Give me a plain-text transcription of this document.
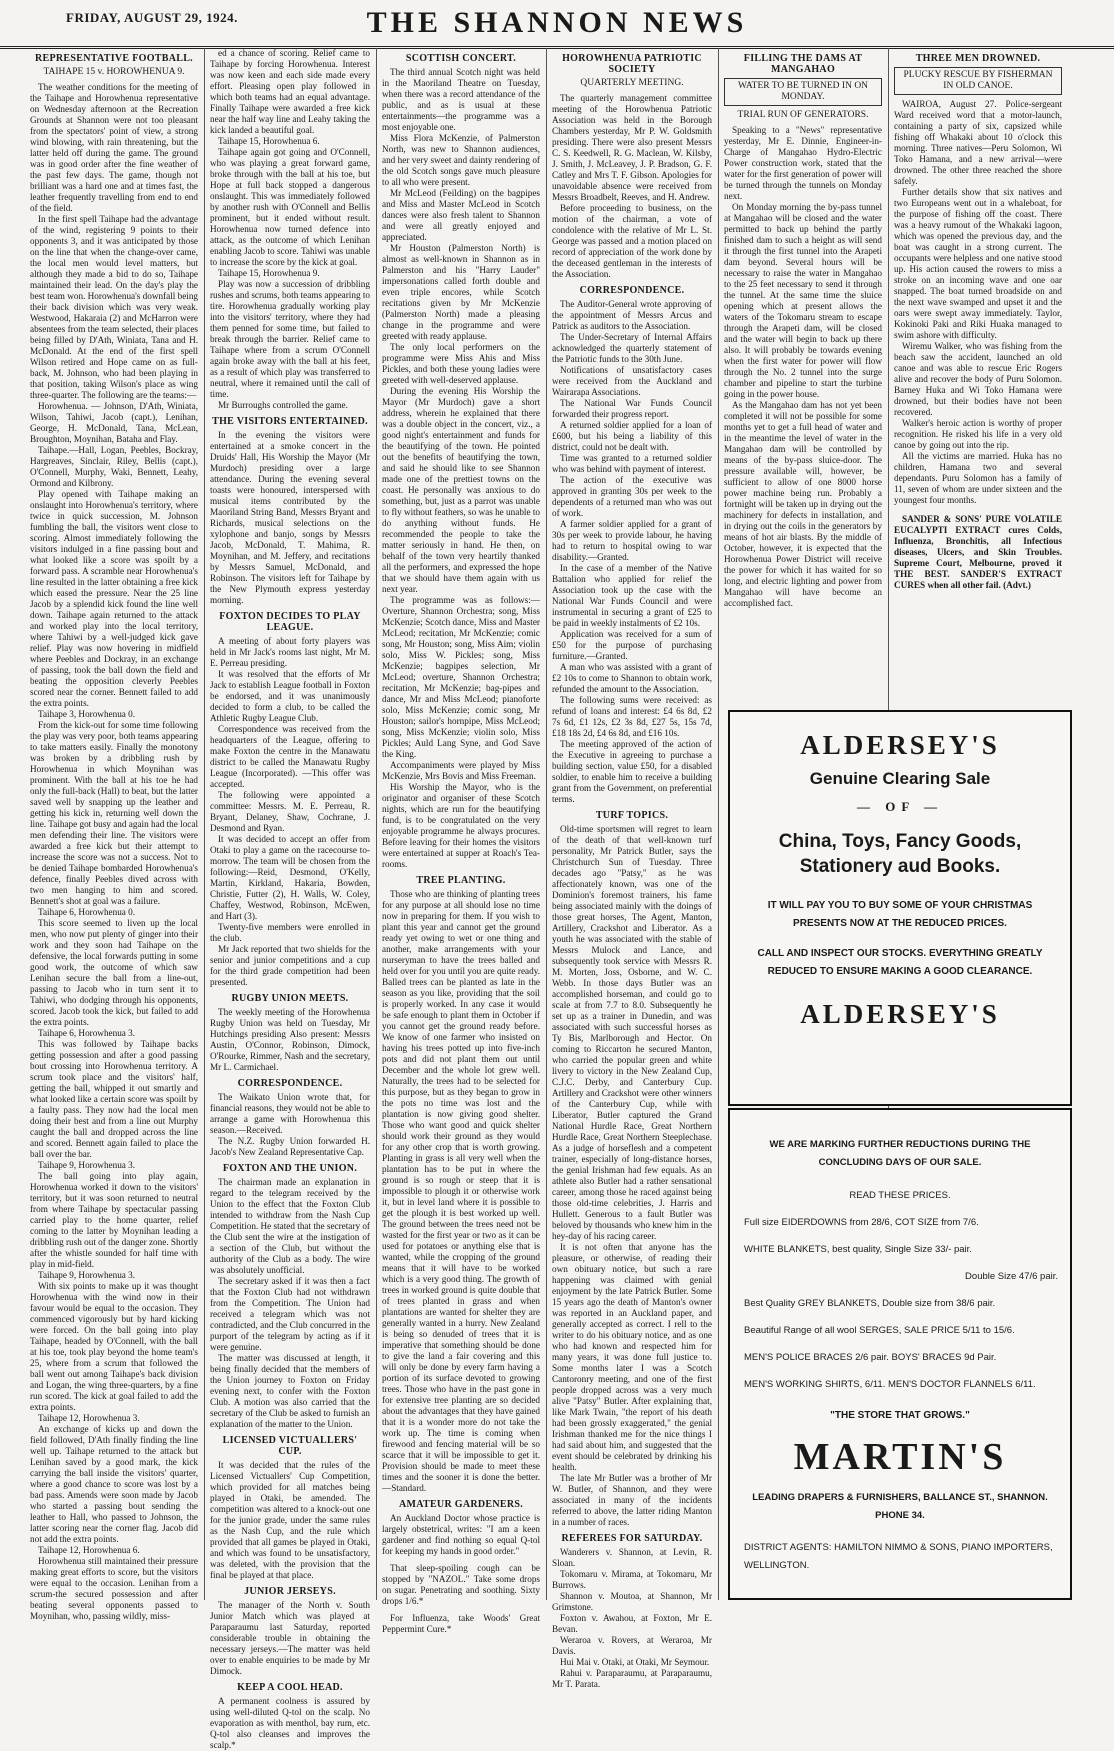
FRIDAY, AUGUST 29, 1924.	THE SHANNON NEWS
REPRESENTATIVE FOOTBALL.
TAIHAPE 15 v. HOROWHENUA 9.

The weather conditions for the meeting of the Taihape and Horowhenua representative on Wednesday afternoon at the Recreation Grounds at Shannon were not too pleasant from the spectators' point of view, a strong wind blowing, with rain threatening, but the latter held off during the game. The ground was in good order after the fine weather of the past few days. The game, though not brilliant was a hard one and at times fast, the leather frequently travelling from end to end of the field.

In the first spell Taihape had the advantage of the wind, registering 9 points to their opponents 3, and it was anticipated by those on the line that when the change-over came, the local men would level matters, but although they made a bid to do so, Taihape maintained their lead. On the day's play the best team won. Horowhenua's downfall being their back division which was very weak. Westwood, Hakaraia (2) and McHarron were absentees from the team selected, their places being filled by D'Ath, Winiata, Tana and H. McDonald. At the end of the first spell Wilson retired and Hope came on as full-back, M. Johnson, who had been playing in that position, taking Wilson's place as wing three-quarter. The following are the teams:—

Horowhenua. — Johnson, D'Ath, Winiata, Wilson, Tahiwi, Jacob (capt.), Lenihan, George, H. McDonald, Tana, McLean, Broughton, Moynihan, Bataha and Flay.

Taihape.—Hall, Logan, Peebles, Bockray, Hargreaves, Sinclair, Riley, Bellis (capt.), O'Connell, Murphy, Waki, Bennett, Leahy, Ormond and Kilbrony.

Play opened with Taihape making an onslaught into Horowhenua's territory, where twice in quick succession, M. Johnson fumbling the ball, the visitors went close to scoring. Almost immediately following the visitors indulged in a fine passing bout and what looked like a score was spoilt by a forward pass. A scramble near Horowhenua's line resulted in the latter obtaining a free kick which eased the pressure. Near the 25 line Jacob by a splendid kick found the line well down. Taihape again returned to the attack and worked play into the local territory, where Tahiwi by a well-judged kick gave relief. Play was now hovering in midfield where Peebles and Dockray, in an exchange of passing, took the ball down the field and beating the opposition cleverly Peebles scored near the corner. Bennett failed to add the extra points.

Taihape 3, Horowhenua 0.

From the kick-out for some time following the play was very poor, both teams appearing to take matters easily. Finally the monotony was broken by a dribbling rush by Horowhenua in which Moynihan was prominent. With the ball at his toe he had only the full-back (Hall) to beat, but the latter saved well by snapping up the leather and getting his kick in, returning well down the line. Taihape got busy and again had the local men defending their line. The visitors were awarded a free kick but their attempt to increase the score was not a success. Not to be denied Taihape bombarded Horowhenua's defence, finally Peebles dived across with two men hanging to him and scored. Bennett's shot at goal was a failure.

Taihape 6, Horowhenua 0.

This score seemed to liven up the local men, who now put plenty of ginger into their work and they soon had Taihape on the defensive, the local forwards putting in some good work, the outcome of which saw Lenihan secure the ball from a line-out, passing to Jacob who in turn sent it to Tahiwi, who dodging through his opponents, scored. Jacob took the kick, but failed to add the extra points.

Taihape 6, Horowhenua 3.

This was followed by Taihape backs getting possession and after a good passing bout crossing into Horowhenua territory. A scrum took place and the visitors' half, getting the ball, whipped it out smartly and what looked like a certain score was spoilt by a faulty pass. They now had the local men doing their best and from a line out Murphy caught the ball and dropped across the line and scored. Bennett again failed to place the ball over the bar.

Taihape 9, Horowhenua 3.

The ball going into play again, Horowhenua worked it down to the visitors' territory, but it was soon returned to neutral from where Taihape by spectacular passing carried play to the home quarter, relief coming to the latter by Moynihan leading a dribbling rush out of the danger zone. Shortly after the whistle sounded for half time with play in mid-field.

Taihape 9, Horowhenua 3.

With six points to make up it was thought Horowhenua with the wind now in their favour would be equal to the occasion. They commenced vigorously but by hard kicking were forced. On the ball going into play Taihape, headed by O'Connell, with the ball at his toe, took play beyond the home team's 25, where from a scrum that followed the ball went out among Taihape's back division and Logan, the wing three-quarters, by a fine run scored. The kick at goal failed to add the extra points.

Taihape 12, Horowhenua 3.

An exchange of kicks up and down the field followed, D'Ath finally finding the line well up. Taihape returned to the attack but Lenihan saved by a good mark, the kick carrying the ball inside the visitors' quarter, where a good chance to score was lost by a bad pass. Amends were soon made by Jacob who started a passing bout sending the leather to Hall, who passed to Johnson, the latter scoring near the corner flag. Jacob did not add the extra points.

Taihape 12, Horowhenua 6.

Horowhenua still maintained their pressure making great efforts to score, but the visitors were equal to the occasion. Lenihan from a scrum-the secured possession and after beating several opponents passed to Moynihan, who, passing wildly, miss-

ed a chance of scoring. Relief came to Taihape by forcing Horowhenua. Interest was now keen and each side made every effort. Pleasing open play followed in which both teams had an equal advantage. Finally Taihape were awarded a free kick near the half way line and Leahy taking the kick landed a beautiful goal.

Taihape 15, Horowhenua 6.

Taihape again got going and O'Connell, who was playing a great forward game, broke through with the ball at his toe, but Hope at full back stopped a dangerous onslaught. This was immediately followed by another rush with O'Connell and Bellis prominent, but it ended without result. Horowhenua now turned defence into attack, as the outcome of which Lenihan enabling Jacob to score. Tahiwi was unable to increase the score by the kick at goal.

Taihape 15, Horowhenua 9.

Play was now a succession of dribbling rushes and scrums, both teams appearing to tire. Horowhenua gradually working play into the visitors' territory, where they had them penned for some time, but failed to break through the barrier. Relief came to Taihape where from a scrum O'Connell again broke away with the ball at his feet, as a result of which play was transferred to neutral, where it remained until the call of time.

Mr Burroughs controlled the game.

THE VISITORS ENTERTAINED.

In the evening the visitors were entertained at a smoke concert in the Druids' Hall, His Worship the Mayor (Mr Murdoch) presiding over a large attendance. During the evening several toasts were honoured, interspersed with musical items contributed by the Maoriland String Band, Messrs Bryant and Richards, musical selections on the xylophone and banjo, songs by Messrs Jacob, McDonald, T. Mahima, R. Moynihan, and M. Jeffery, and recitations by Messrs Samuel, McDonald, and Robinson. The visitors left for Taihape by the New Plymouth express yesterday morning.

FOXTON DECIDES TO PLAY LEAGUE.

A meeting of about forty players was held in Mr Jack's rooms last night, Mr M. E. Perreau presiding.

It was resolved that the efforts of Mr Jack to establish League football in Foxton be endorsed, and it was unanimously decided to form a club, to be called the Athletic Rugby League Club.

Correspondence was received from the headquarters of the League, offering to make Foxton the centre in the Manawatu district to be called the Manawatu Rugby League (Incorporated). —This offer was accepted.

The following were appointed a committee: Messrs. M. E. Perreau, R. Bryant, Delaney, Shaw, Cochrane, J. Desmond and Ryan.

It was decided to accept an offer from Otaki to play a game on the racecourse to-morrow. The team will be chosen from the following:—Reid, Desmond, O'Kelly, Martin, Kirkland, Hakaria, Bowden, Christie, Futter (2), H. Walls, W. Coley, Chaffey, Westwod, Robinson, McEwen, and Hart (3).

Twenty-five members were enrolled in the club.

Mr Jack reported that two shields for the senior and junior competitions and a cup for the third grade competition had been presented.

RUGBY UNION MEETS.

The weekly meeting of the Horowhenua Rugby Union was held on Tuesday, Mr Hutchings presiding Also present: Messrs Austin, O'Connor, Robinson, Dimock, O'Rourke, Rimmer, Nash and the secretary, Mr L. Carmichael.

CORRESPONDENCE.

The Waikato Union wrote that, for financial reasons, they would not be able to arrange a game with Horowhenua this season.—Received.

The N.Z. Rugby Union forwarded H. Jacob's New Zealand Representative Cap.

FOXTON AND THE UNION.

The chairman made an explanation in regard to the telegram received by the Union to the effect that the Foxton Club intended to withdraw from the Nash Cup Competition. He stated that the secretary of the Club sent the wire at the instigation of a section of the Club, but without the authority of the Club as a body. The wire was absolutely unofficial.

The secretary asked if it was then a fact that the Foxton Club had not withdrawn from the Competition. The Union had received a telegram which was not contradicted, and the Club concurred in the purport of the telegram by acting as if it were genuine.

The matter was discussed at length, it being finally decided that the members of the Union journey to Foxton on Friday evening next, to confer with the Foxton Club. A motion was also carried that the secretary of the Club be asked to furnish an explanation of the matter to the Union.

LICENSED VICTUALLERS' CUP.

It was decided that the rules of the Licensed Victuallers' Cup Competition, which provided for all matches being played in Otaki, be amended. The competition was altered to a knock-out one for the junior grade, under the same rules as the Nash Cup, and the rule which provided that all games be played in Otaki, and which was found to be unsatisfactory, was deleted, with the provision that the final be played at that place.

JUNIOR JERSEYS.

The manager of the North v. South Junior Match which was played at Paraparaumu last Saturday, reported considerable trouble in obtaining the necessary jerseys.—The matter was held over to enable enquiries to be made by Mr Dimock.

KEEP A COOL HEAD.

A permanent coolness is assured by using well-diluted Q-tol on the scalp. No evaporation as with menthol, bay rum, etc. Q-tol also cleanses and improves the scalp.*

SCOTTISH CONCERT.

The third annual Scotch night was held in the Maoriland Theatre on Tuesday, when there was a record attendance of the public, and as is usual at these entertainments—the programme was a most enjoyable one.

Miss Flora McKenzie, of Palmerston North, was new to Shannon audiences, and her very sweet and dainty rendering of the old Scotch songs gave much pleasure to all who were present.

Mr McLeod (Feilding) on the bagpipes and Miss and Master McLeod in Scotch dances were also fresh talent to Shannon and were all greatly enjoyed and appreciated.

Mr Houston (Palmerston North) is almost as well-known in Shannon as in Palmerston and his "Harry Lauder" impersonations called forth double and even triple encores, while Scotch recitations given by Mr McKenzie (Palmerston North) made a pleasing change in the programme and were greeted with ready applause.

The only local performers on the programme were Miss Ahis and Miss Pickles, and both these young ladies were greeted with well-deserved applause.

During the evening His Worship the Mayor (Mr Murdoch) gave a short address, wherein he explained that there was a double object in the concert, viz., a good night's entertainment and funds for the beautifying of the town. He pointed out the benefits of beautifying the town, and said he should like to see Shannon made one of the prettiest towns on the coast. He personally was anxious to do something, but, just as a parrot was unable to fly without feathers, so was he unable to do anything without funds. He recommended the people to take the matter seriously in hand. He then, on behalf of the town very heartily thanked all the performers, and expressed the hope that we should have them again with us next year.

The programme was as follows:—Overture, Shannon Orchestra; song, Miss McKenzie; Scotch dance, Miss and Master McLeod; recitation, Mr McKenzie; comic song, Mr Houston; song, Miss Aim; violin solo, Miss W. Pickles; song, Miss McKenzie; bagpipes selection, Mr McLeod; overture, Shannon Orchestra; recitation, Mr McKenzie; bag-pipes and dance, Mr and Miss McLeod; pianoforte solo, Miss McKenzie; comic song, Mr Houston; sailor's hornpipe, Miss McLeod; song, Miss McKenzie; violin solo, Miss Pickles; Auld Lang Syne, and God Save the King.

Accompaniments were played by Miss McKenzie, Mrs Bovis and Miss Freeman.

His Worship the Mayor, who is the originator and organiser of these Scotch nights, which are run for the beautifying fund, is to be congratulated on the very enjoyable programme he always procures. Before leaving for their homes the visitors were entertained at supper at Roach's Tea-rooms.

TREE PLANTING.

Those who are thinking of planting trees for any purpose at all should lose no time now in preparing for them. If you wish to plant this year and cannot get the ground ready yet owing to wet or one thing and another, make arrangements with your nurseryman to have the trees balled and held over for you until you are quite ready. Balled trees can be planted as late in the season as you like, providing that the soil is properly worked. In any case it would be safe enough to plant them in October if you cannot get the ground ready before. We know of one farmer who insisted on having his trees potted up into five-inch pots and did not plant them out until December and the whole lot grew well. Naturally, the trees had to be selected for this purpose, but as they began to grow in the pots no time was lost and the plantation is now giving good shelter. Those who want good and quick shelter should work their ground as they would for any other crop that is worth growing. Planting in grass is all very well when the plantation has to be put in where the ground is so rough or steep that it is impossible to plough it or otherwise work it, but in level land where it is possible to get the plough it is best worked up well. The ground between the trees need not be wasted for the first year or two as it can be used for potatoes or anything else that is wanted, while the cropping of the ground means that it will have to be worked which is a very good thing. The growth of trees in worked ground is quite double that of trees planted in grass and when plantations are wanted for shelter they are generally wanted in a hurry. New Zealand is being so denuded of trees that it is imperative that something should be done to give the land a fair covering and this will only be done by every farm having a portion of its surface devoted to growing trees. Those who have in the past gone in for extensive tree planting are so decided about the advantages that they have gained that it is a wonder more do not take the work up. The time is coming when firewood and fencing material will be so scarce that it will be impossible to get it. Provision should be made to meet these times and the sooner it is done the better.—Standard.

AMATEUR GARDENERS.

An Auckland Doctor whose practice is largely obstetrical, writes: "I am a keen gardener and find nothing so equal Q-tol for keeping my hands in good order."

That sleep-spoiling cough can be stopped by "NAZOL." Take some drops on sugar. Penetrating and soothing. Sixty drops 1/6.*

For Influenza, take Woods' Great Peppermint Cure.*

HOROWHENUA PATRIOTIC SOCIETY
QUARTERLY MEETING.

The quarterly management committee meeting of the Horowhenua Patriotic Association was held in the Borough Chambers yesterday, Mr P. W. Goldsmith presiding. There were also present Messrs C. S. Keedwell, R. G. Maclean, W. Kilsby, J. Smith, J. McLeavey, J. P. Bradson, G. F. Catley and Mrs T. F. Gibson. Apologies for unavoidable absence were received from Messrs Broadbelt, Reeves, and H. Andrew.

Before proceeding to business, on the motion of the chairman, a vote of condolence with the relative of Mr L. St. George was passed and a motion placed on record of appreciation of the work done by the deceased gentleman in the interests of the Association.

CORRESPONDENCE.

The Auditor-General wrote approving of the appointment of Messrs Arcus and Patrick as auditors to the Association.

The Under-Secretary of Internal Affairs acknowledged the quarterly statement of the Patriotic funds to the 30th June.

Notifications of unsatisfactory cases were received from the Auckland and Wairarapa Associations.

The National War Funds Council forwarded their progress report.

A returned soldier applied for a loan of £600, but his being a liability of this district, could not be dealt with.

Time was granted to a returned soldier who was behind with payment of interest.

The action of the executive was approved in granting 30s per week to the dependents of a returned man who was out of work.

A farmer soldier applied for a grant of 30s per week to provide labour, he having had to return to hospital owing to war disability.—Granted.

In the case of a member of the Native Battalion who applied for relief the Association took up the case with the National War Funds Council and were instrumental in securing a grant of £25 to be paid in weekly instalments of £2 10s.

Application was received for a sum of £50 for the purpose of purchasing furniture.—Granted.

A man who was assisted with a grant of £2 10s to come to Shannon to obtain work, refunded the amount to the Association.

The following sums were received: as refund of loans and interest: £4 6s 8d, £2 7s 6d, £1 12s, £2 3s 8d, £27 5s, 15s 7d, £18 18s 2d, £4 6s 8d, and £16 10s.

The meeting approved of the action of the Executive in agreeing to purchase a building section, value £50, for a disabled soldier, to enable him to receive a building grant from the Government, on preferential terms.

TURF TOPICS.

Old-time sportsmen will regret to learn of the death of that well-known turf personality, Mr Patrick Butler, says the Christchurch Sun of Tuesday. Three decades ago "Patsy," as he was affectionately known, was one of the Dominion's foremost trainers, his fame being associated mainly with the doings of those great horses, The Agent, Manton, Artillery, Crackshot and Liberator. As a youth he was associated with the stable of Messrs Mulock and Lance, and subsequently took service with Messrs R. M. Morten, Joss, Osborne, and W. C. Webb. In those days Butler was an accomplished horseman, and could go to scale at from 7.7 to 8.0. Subsequently he set up as a trainer in Dunedin, and was associated with such successful horses as Ty Bis, Marlborough and Hector. On coming to Riccarton he secured Manton, who carried the popular green and white livery to victory in the New Zealand Cup, C.J.C. Derby, and Canterbury Cup. Artillery and Crackshot were other winners of the Canterbury Cup, while with Liberator, Butler captured the Grand National Hurdle Race, Great Northern Hurdle Race, Great Northern Steeplechase. As a judge of horseflesh and a competent trainer, especially of long-distance horses, the genial Irishman had few equals. As an athlete also Butler had a rather sensational career, among those he raced against being those old-time celebrities, J. Harris and Hullett. Generous to a fault Butler was beloved by thousands who knew him in the hey-day of his racing career.

It is not often that anyone has the pleasure, or otherwise, of reading their own obituary notice, but such a rare happening was claimed with genial enjoyment by the late Patrick Butler. Some 15 years ago the death of Manton's owner was reported in an Auckland paper, and generally accepted as correct. I rell to the writer to do his obituary notice, and as one who had known and respected him for many years, it was done full justice to. Some months later I was a Scotch Cantoronry meeting, and one of the first people dropped across was a very much alive "Patsy" Butler. After explaining that, like Mark Twain, "the report of his death had been grossly exaggerated," the genial Irishman thanked me for the nice things I had said about him, and suggested that the event should be celebrated by drinking his health.

The late Mr Butler was a brother of Mr W. Butler, of Shannon, and they were associated in many of the incidents referred to above, the latter riding Manton in a number of races.

REFEREES FOR SATURDAY.

Wanderers v. Shannon, at Levin, R. Sloan.

Tokomaru v. Mirama, at Tokomaru, Mr Burrows.

Shannon v. Moutoa, at Shannon, Mr Grimstone.

Foxton v. Awahou, at Foxton, Mr E. Bevan.

Weraroa v. Rovers, at Weraroa, Mr Davis.

Hui Mai v. Otaki, at Otaki, Mr Seymour.

Rahui v. Paraparaumu, at Paraparaumu, Mr T. Parata.

FILLING THE DAMS AT MANGAHAO
WATER TO BE TURNED IN ON MONDAY.
TRIAL RUN OF GENERATORS.

Speaking to a "News" representative yesterday, Mr E. Dinnie, Engineer-in-Charge of Mangahao Hydro-Electric Power construction work, stated that the water for the first generation of power will be turned through the tunnels on Monday next.

On Monday morning the by-pass tunnel at Mangahao will be closed and the water permitted to back up behind the partly finished dam to such a height as will send it through the first tunnel into the Arapeti dam beyond. Several hours will be necessary to raise the water in Mangahao to the 25 feet necessary to send it through the tunnel. At the same time the sluice opening which at present allows the waters of the Tokomaru stream to escape through the Arapeti dam, will be closed and the water will begin to back up there also. It will probably be towards evening when the first water for power will flow through the No. 2 tunnel into the surge chamber and pipeline to start the turbine going in the power house.

As the Mangahao dam has not yet been completed it will not be possible for some months yet to get a full head of water and in the meantime the level of water in the Mangahao dam will be controlled by means of the by-pass sluice-door. The pressure available will, however, be sufficient to allow of one 8000 horse power machine being run. Probably a fortnight will be taken up in drying out the machinery for defects in installation, and in drying out the coils in the generators by means of hot air blasts. By the middle of October, however, it is expected that the Horowhenua Power District will receive the power for which it has waited for so long, and electric lighting and power from Mangahao will have become an accomplished fact.

THREE MEN DROWNED.
PLUCKY RESCUE BY FISHERMAN IN OLD CANOE.

WAIROA, August 27. Police-sergeant Ward received word that a motor-launch, containing a party of six, capsized while fishing off Whakaki about 10 o'clock this morning. Three natives—Peru Solomon, Wi Toko Hamana, and a new arrival—were drowned. The other three reached the shore safely.

Further details show that six natives and two Europeans went out in a whaleboat, for the purpose of fishing off the coast. There was a heavy rumout of the Whakaki lagoon, which was opened the previous day, and the boat was caught in a strong current. The occupants were helpless and one native stood up. His action caused the rowers to miss a stroke on an incoming wave and one oar snapped. The boat turned broadside on and the next wave swamped and upset it and the oars were swept away immediately. Taylor, Kokinoki Paki and Riki Huaka managed to swim ashore with difficulty.

Wiremu Walker, who was fishing from the beach saw the accident, launched an old canoe and was able to rescue Eric Rogers alive and recover the body of Puru Solomon. Barney Huka and Wi Toko Hamana were drowned, but their bodies have not been recovered.

Walker's heroic action is worthy of proper recognition. He risked his life in a very old canoe by going out into the rip.

All the victims are married. Huka has no children, Hamana two and several dependants. Puru Solomon has a family of 11, seven of whom are under sixteen and the youngest four months.

SANDER & SONS' PURE VOLATILE EUCALYPTI EXTRACT cures Colds, Influenza, Bronchitis, all Infectious diseases, Ulcers, and Skin Troubles. Supreme Court, Melbourne, proved it THE BEST. SANDER'S EXTRACT CURES when all other fail. (Advt.)

ALDERSEY'S
Genuine Clearing Sale
— OF —
China, Toys, Fancy Goods, Stationery aud Books.
IT WILL PAY YOU TO BUY SOME OF YOUR CHRISTMAS PRESENTS NOW AT THE REDUCED PRICES.
CALL AND INSPECT OUR STOCKS. EVERYTHING GREATLY REDUCED TO ENSURE MAKING A GOOD CLEARANCE.
ALDERSEY'S
WE ARE MARKING FURTHER REDUCTIONS DURING THE CONCLUDING DAYS OF OUR SALE.
READ THESE PRICES.
Full size EIDERDOWNS from 28/6, COT SIZE from 7/6.
WHITE BLANKETS, best quality, Single Size 33/- pair.
Double Size 47/6 pair.
Best Quality GREY BLANKETS, Double size from 38/6 pair.
Beautiful Range of all wool SERGES, SALE PRICE 5/11 to 15/6.
MEN'S POLICE BRACES 2/6 pair. BOYS' BRACES 9d Pair.
MEN'S WORKING SHIRTS, 6/11. MEN'S DOCTOR FLANNELS 6/11.
"THE STORE THAT GROWS."
MARTIN'S
LEADING DRAPERS & FURNISHERS, BALLANCE ST., SHANNON. PHONE 34.
DISTRICT AGENTS: HAMILTON NIMMO & SONS, PIANO IMPORTERS, WELLINGTON.
